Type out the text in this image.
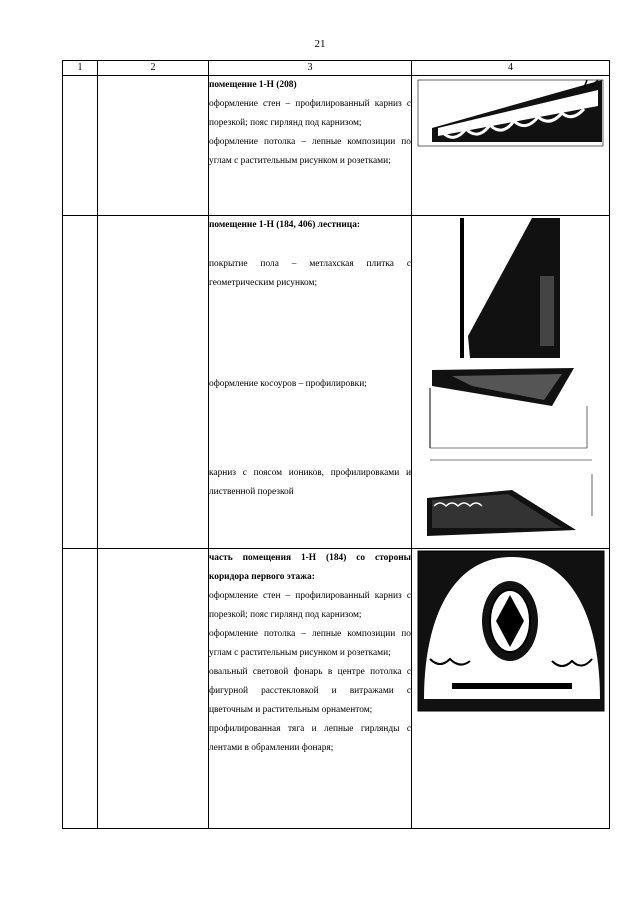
21
1	2	3	4

		помещение 1-Н (208)

оформление стен – профилированный карниз с порезкой; пояс гирлянд под карнизом;

оформление потолка – лепные композиции по углам с растительным рисунком и розетками;

		помещение 1-Н (184, 406) лестница:

покрытие пола – метлахская плитка с геометрическим рисунком;

оформление косоуров – профилировки;

карниз с поясом иоников, профилировками и лиственной порезкой

		часть помещения 1-Н (184) со стороны коридора первого этажа:

оформление стен – профилированный карниз с порезкой; пояс гирлянд под карнизом;

оформление потолка – лепные композиции по углам с растительным рисунком и розетками;

овальный световой фонарь в центре потолка с фигурной расстекловкой и витражами с цветочным и растительным орнаментом;

профилированная тяга и лепные гирлянды с лентами в обрамлении фонаря;
